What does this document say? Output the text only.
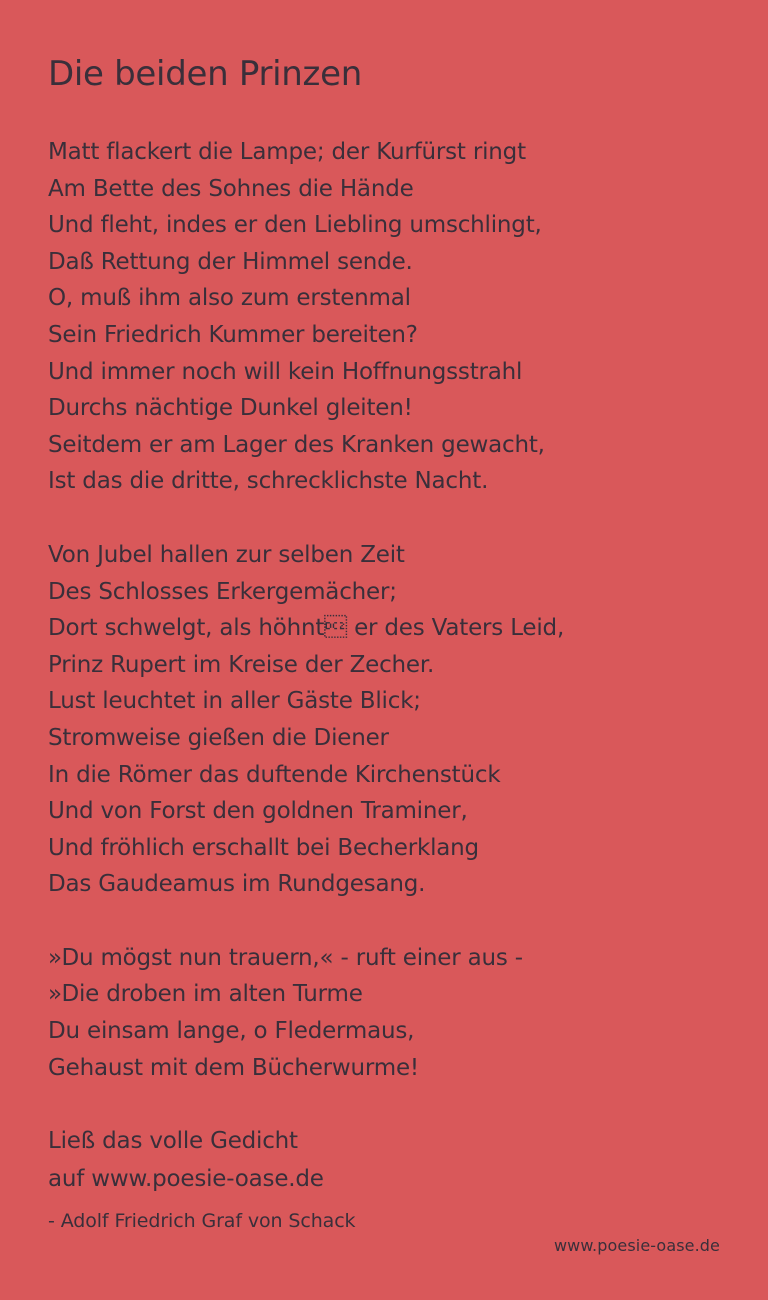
Die beiden Prinzen
Matt flackert die Lampe; der Kurfürst ringt
Am Bette des Sohnes die Hände
Und fleht, indes er den Liebling umschlingt,
Daß Rettung der Himmel sende.
O, muß ihm also zum erstenmal
Sein Friedrich Kummer bereiten?
Und immer noch will kein Hoffnungsstrahl
Durchs nächtige Dunkel gleiten!
Seitdem er am Lager des Kranken gewacht,
Ist das die dritte, schrecklichste Nacht.
Von Jubel hallen zur selben Zeit
Des Schlosses Erkergemächer;
Dort schwelgt, als höhnt er des Vaters Leid,
Prinz Rupert im Kreise der Zecher.
Lust leuchtet in aller Gäste Blick;
Stromweise gießen die Diener
In die Römer das duftende Kirchenstück
Und von Forst den goldnen Traminer,
Und fröhlich erschallt bei Becherklang
Das Gaudeamus im Rundgesang.
»Du mögst nun trauern,« - ruft einer aus -
»Die droben im alten Turme
Du einsam lange, o Fledermaus,
Gehaust mit dem Bücherwurme!
Ließ das volle Gedicht
auf www.poesie-oase.de
- Adolf Friedrich Graf von Schack
www.poesie-oase.de
